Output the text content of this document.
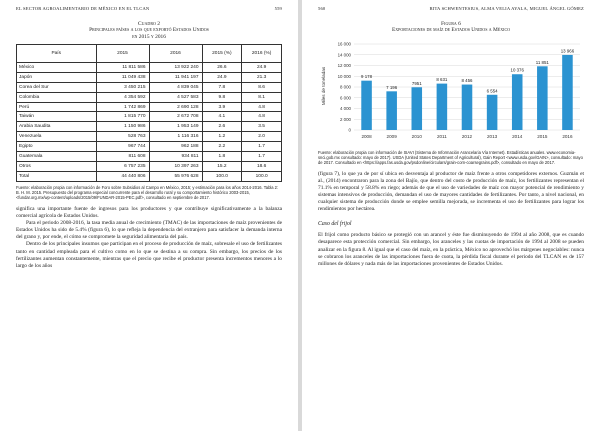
EL SECTOR AGROALIMENTARIO DE MÉXICO EN EL TLCAN	559
Cuadro 2
Principales países a los que exportó Estados Unidos
en 2015 y 2016
País	2015	2016	2015 (%)	2016 (%)
México	11 811 586	13 922 240	26.6	24.9
Japón	11 049 438	11 941 197	24.9	21.3
Corea del Sur	3 450 215	4 839 045	7.8	8.6
Colombia	4 354 592	4 527 583	9.8	8.1
Perú	1 742 869	2 690 128	3.9	4.8
Taiwán	1 815 770	2 672 708	4.1	4.8
Arabia Saudita	1 150 986	1 953 149	2.6	3.5
Venezuela	528 763	1 116 316	1.2	2.0
Egipto	967 744	962 188	2.2	1.7
Guatemala	811 608	934 811	1.8	1.7
Otros	6 757 235	10 397 263	15.2	18.6
Total	44 440 806	55 976 628	100.0	100.0
Fuente: elaboración propia con información de Foro sobre Subsidios al Campo en México, 2015; y estimación para los años 2014-2016. Tabla 2: B. H. M. 2015. Presupuesto del programa especial concurrente para el desarrollo rural y su comportamiento histórico 2003-2015, <fundar.org.mx/wp-content/uploads/2015/09/FUNDAR-2015-PEC.pdf>, consultado en septiembre de 2017.

significa una importante fuente de ingresos para los productores y que contribuye significativamente a la balanza comercial agrícola de Estados Unidos.

Para el periodo 2008-2016, la tasa media anual de crecimiento (TMAC) de las importaciones de maíz provenientes de Estados Unidos ha sido de 5.4% (figura 6), lo que refleja la dependencia del extranjero para satisfacer la demanda interna del grano y, por ende, el cómo se compromete la seguridad alimentaria del país.

Dentro de los principales insumos que participan en el proceso de producción de maíz, sobresale el uso de fertilizantes tanto en cantidad empleada para el cultivo como en lo que se destina a su compra. Sin embargo, los precios de los fertilizantes aumentan constantemente, mientras que el precio que recibe el productor presenta incrementos menores a lo largo de los años

560	RITA SCHWENTESIUS, ALMA VELIA AYALA, MIGUEL ÁNGEL GÓMEZ
Figura 6
Exportaciones de maíz de Estados Unidos a México
0
2 000
4 000
6 000
8 000
10 000
12 000
14 000
16 000
9 178
7 196
7951
8 631	8 456
6 554
10 376
11 851
13 966
2008	2009	2010	2011	2012	2013	2014	2015	2016
Miles de toneladas
Fuente: elaboración propia con información de SIAVI (Sistema de Información Arancelaria Vía Internet). Estadísticas anuales. www.economia-snci.gob.mx consultado: mayo de 2017). USDA (United States Department of Agricultural), Gain Report <www.usda.gov/GAIN>, consultado: mayo de 2017. Consultado en <https://apps.fas.usda.gov/psdonline/circulars/grain-corn-coarsegrains.pdf>, consultado en mayo de 2017.

(figura 7), lo que ya de por sí ubica en desventaja al productor de maíz frente a otros competidores externos. Guzmán et al., (2014) encontraron para la zona del Bajío, que dentro del costo de producción de maíz, los fertilizantes representan el 71.1% en temporal y 58.8% en riego; además de que el uso de variedades de maíz con mayor potencial de rendimiento y sistemas intensivos de producción, demandan el uso de mayores cantidades de fertilizantes. Por tanto, a nivel nacional, en cualquier sistema de producción donde se emplee semilla mejorada, se incrementa el uso de fertilizantes para lograr los rendimientos por hectárea.

Caso del frijol

El frijol como producto básico se protegió con un arancel y éste fue disminuyendo de 1994 al año 2008, que es cuando desaparece esta protección comercial. Sin embargo, los aranceles y las cuotas de importación de 1994 al 2008 se pueden analizar en la figura 8. Al igual que el caso del maíz, en la práctica, México no aprovechó los márgenes negociables: nunca se cobraron los aranceles de las importaciones fuera de cuota, la pérdida fiscal durante el periodo del TLCAN es de 157 millones de dólares y nada más de las importaciones provenientes de Estados Unidos.
